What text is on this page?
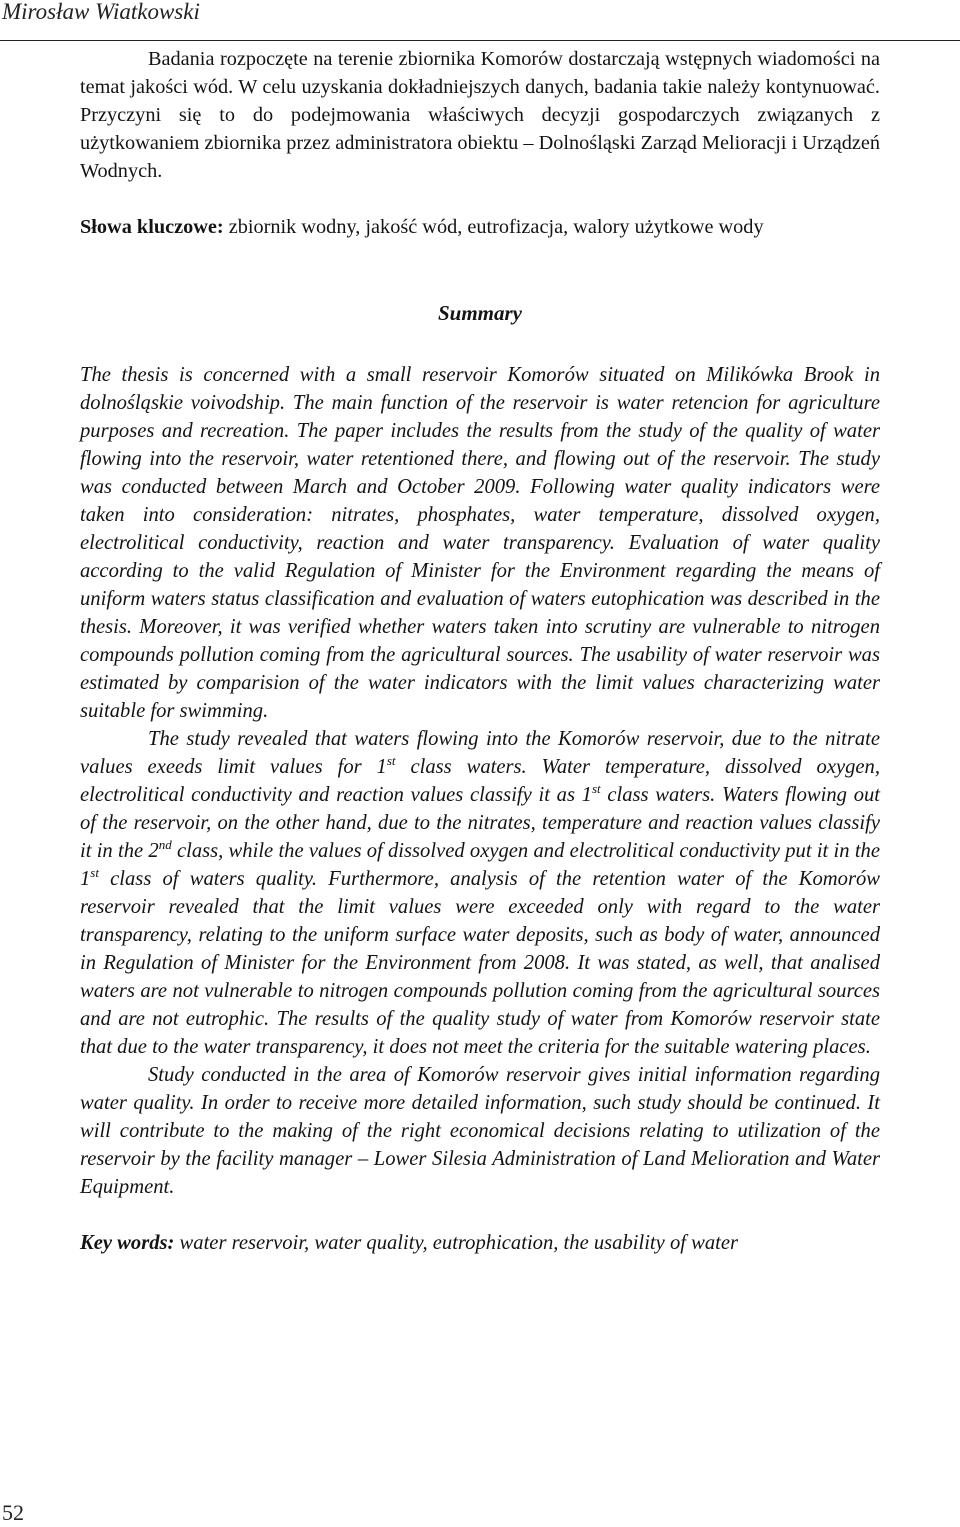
Mirosław Wiatkowski

Badania rozpoczęte na terenie zbiornika Komorów dostarczają wstępnych wiadomości na temat jakości wód. W celu uzyskania dokładniejszych danych, badania takie należy kontynuować. Przyczyni się to do podejmowania właściwych decyzji gospodarczych związanych z użytkowaniem zbiornika przez administratora obiektu – Dolnośląski Zarząd Melioracji i Urządzeń Wodnych.

Słowa kluczowe: zbiornik wodny, jakość wód, eutrofizacja, walory użytkowe wody

Summary

The thesis is concerned with a small reservoir Komorów situated on Milikówka Brook in dolnośląskie voivodship. The main function of the reservoir is water retencion for agriculture purposes and recreation. The paper includes the results from the study of the quality of water flowing into the reservoir, water retentioned there, and flowing out of the reservoir. The study was conducted between March and October 2009. Following water quality indicators were taken into consideration: nitrates, phosphates, water temperature, dissolved oxygen, electrolitical conductivity, reaction and water transparency. Evaluation of water quality according to the valid Regulation of Minister for the Environment regarding the means of uniform waters status classification and evaluation of waters eutophication was described in the thesis. Moreover, it was verified whether waters taken into scrutiny are vulnerable to nitrogen compounds pollution coming from the agricultural sources. The usability of water reservoir was estimated by comparision of the water indicators with the limit values characterizing water suitable for swimming.

The study revealed that waters flowing into the Komorów reservoir, due to the nitrate values exeeds limit values for 1st class waters. Water temperature, dissolved oxygen, electrolitical conductivity and reaction values classify it as 1st class waters. Waters flowing out of the reservoir, on the other hand, due to the nitrates, temperature and reaction values classify it in the 2nd class, while the values of dissolved oxygen and electrolitical conductivity put it in the 1st class of waters quality. Furthermore, analysis of the retention water of the Komorów reservoir revealed that the limit values were exceeded only with regard to the water transparency, relating to the uniform surface water deposits, such as body of water, announced in Regulation of Minister for the Environment from 2008. It was stated, as well, that analised waters are not vulnerable to nitrogen compounds pollution coming from the agricultural sources and are not eutrophic. The results of the quality study of water from Komorów reservoir state that due to the water transparency, it does not meet the criteria for the suitable watering places.

Study conducted in the area of Komorów reservoir gives initial information regarding water quality. In order to receive more detailed information, such study should be continued. It will contribute to the making of the right economical decisions relating to utilization of the reservoir by the facility manager – Lower Silesia Administration of Land Melioration and Water Equipment.

Key words: water reservoir, water quality, eutrophication, the usability of water

52
